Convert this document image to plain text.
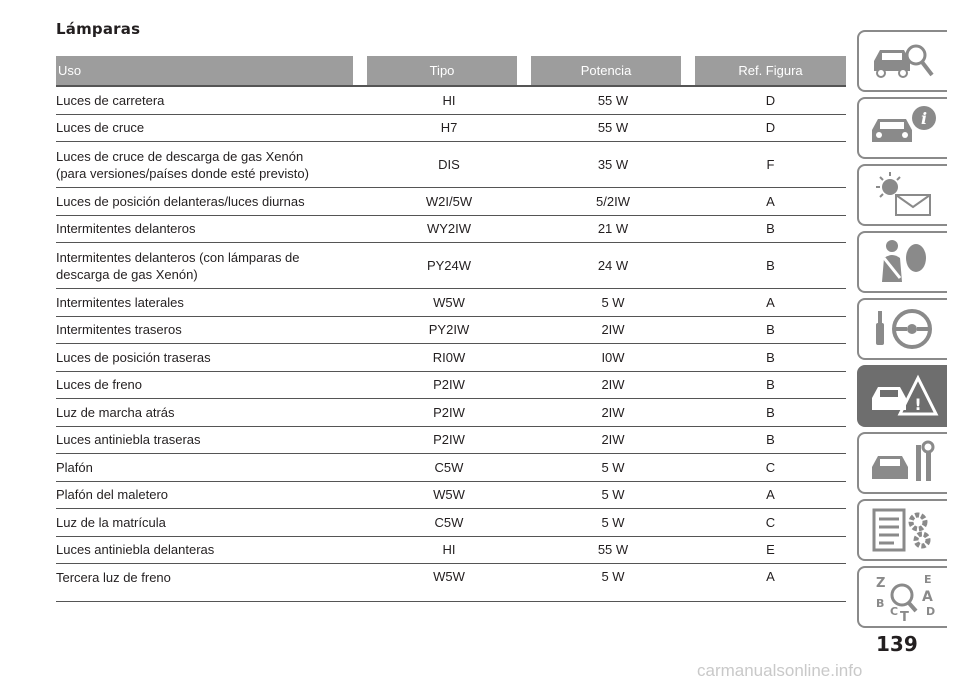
Lámparas
Uso	Tipo	Potencia	Ref. Figura
Luces de carretera	HI	55 W	D
Luces de cruce	H7	55 W	D
Luces de cruce de descarga de gas Xenón
(para versiones/países donde esté previsto)
DIS	35 W	F
Luces de posición delanteras/luces diurnas	W2I/5W	5/2IW	A
Intermitentes delanteros	WY2IW	21 W	B
Intermitentes delanteros (con lámparas de
descarga de gas Xenón)
PY24W	24 W	B
Intermitentes laterales	W5W	5 W	A
Intermitentes traseros	PY2IW	2IW	B
Luces de posición traseras	RI0W	I0W	B
Luces de freno	P2IW	2IW	B
Luz de marcha atrás	P2IW	2IW	B
Luces antiniebla traseras	P2IW	2IW	B
Plafón	C5W	5 W	C
Plafón del maletero	W5W	5 W	A
Luz de la matrícula	C5W	5 W	C
Luces antiniebla delanteras	HI	55 W	E
Tercera luz de freno	W5W	5 W	A
i
!
Z	E
B	A
C T D
139
carmanualsonline.info
